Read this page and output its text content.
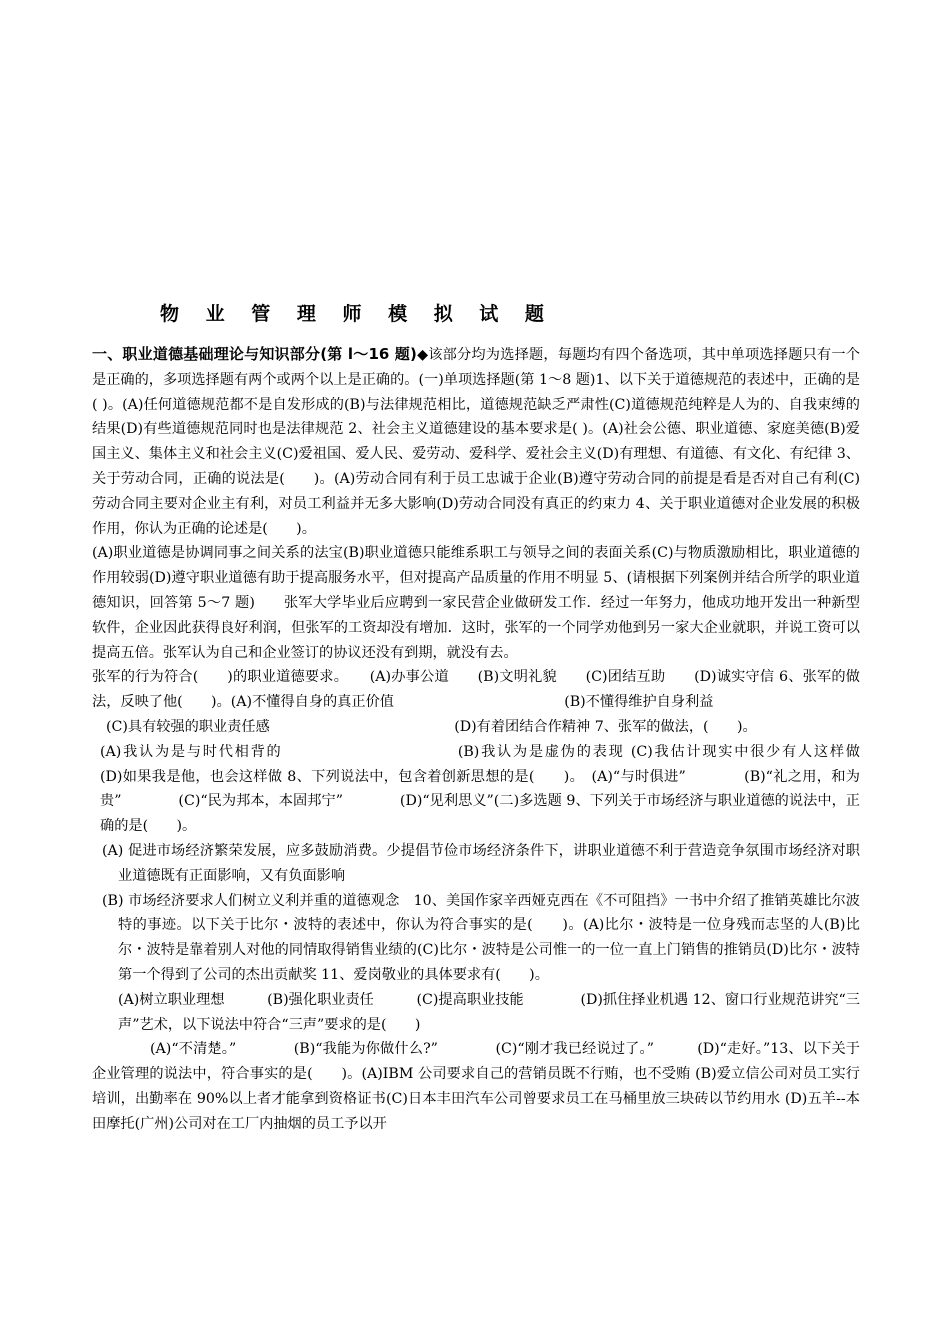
物 业 管 理 师 模 拟 试 题

一、职业道德基础理论与知识部分(第 l～16 题)◆该部分均为选择题，每题均有四个备选项，其中单项选择题只有一个是正确的，多项选择题有两个或两个以上是正确的。(一)单项选择题(第 1～8 题)1、以下关于道德规范的表述中，正确的是( )。(A)任何道德规范都不是自发形成的(B)与法律规范相比，道德规范缺乏严肃性(C)道德规范纯粹是人为的、自我束缚的结果(D)有些道德规范同时也是法律规范 2、社会主义道德建设的基本要求是( )。(A)社会公德、职业道德、家庭美德(B)爱国主义、集体主义和社会主义(C)爱祖国、爱人民、爱劳动、爱科学、爱社会主义(D)有理想、有道德、有文化、有纪律 3、关于劳动合同，正确的说法是(　　)。(A)劳动合同有利于员工忠诚于企业(B)遵守劳动合同的前提是看是否对自己有利(C)劳动合同主要对企业主有利，对员工利益并无多大影响(D)劳动合同没有真正的约束力 4、关于职业道德对企业发展的积极作用，你认为正确的论述是(　　)。

(A)职业道德是协调同事之间关系的法宝(B)职业道德只能维系职工与领导之间的表面关系(C)与物质激励相比，职业道德的作用较弱(D)遵守职业道德有助于提高服务水平，但对提高产品质量的作用不明显 5、(请根据下列案例并结合所学的职业道德知识，回答第 5～7 题)　　张军大学毕业后应聘到一家民营企业做研发工作．经过一年努力，他成功地开发出一种新型软件，企业因此获得良好利润，但张军的工资却没有增加．这时，张军的一个同学劝他到另一家大企业就职，并说工资可以提高五倍。张军认为自己和企业签订的协议还没有到期，就没有去。

张军的行为符合(　　)的职业道德要求。　　(A)办事公道　　(B)文明礼貌　　(C)团结互助　　(D)诚实守信 6、张军的做法，反映了他(　　)。(A)不懂得自身的真正价值　　　　　　　　　　　　(B)不懂得维护自身利益

(C)具有较强的职业责任感　　　　　　　　　　　　　(D)有着团结合作精神 7、张军的做法，(　　)。

(A)我认为是与时代相背的　　　　　　　　　　　(B)我认为是虚伪的表现 (C)我估计现实中很少有人这样做　　　　　(D)如果我是他，也会这样做 8、下列说法中，包含着创新思想的是(　　)。　(A)“与时俱进”　　　　(B)“礼之用，和为贵”　　　　(C)“民为邦本，本固邦宁”　　　　(D)“见利思义”(二)多选题 9、下列关于市场经济与职业道德的说法中，正确的是(　　)。

(A) 促进市场经济繁荣发展，应多鼓励消费。少提倡节俭市场经济条件下，讲职业道德不利于营造竞争氛围市场经济对职业道德既有正面影响，又有负面影响

(B) 市场经济要求人们树立义利并重的道德观念　10、美国作家辛西娅克西在《不可阻挡》一书中介绍了推销英雄比尔波特的事迹。以下关于比尔・波特的表述中，你认为符合事实的是(　　)。(A)比尔・波特是一位身残而志坚的人(B)比尔・波特是靠着别人对他的同情取得销售业绩的(C)比尔・波特是公司惟一的一位一直上门销售的推销员(D)比尔・波特第一个得到了公司的杰出贡献奖 11、爱岗敬业的具体要求有(　　)。

(A)树立职业理想　　　(B)强化职业责任　　　(C)提高职业技能　　　　(D)抓住择业机遇 12、窗口行业规范讲究“三声”艺术，以下说法中符合“三声”要求的是(　　)

(A)“不清楚。”　　　　(B)“我能为你做什么?”　　　　(C)“刚才我已经说过了。”　　　(D)“走好。”13、以下关于企业管理的说法中，符合事实的是(　　)。(A)IBM 公司要求自己的营销员既不行贿，也不受贿 (B)爱立信公司对员工实行培训，出勤率在 90%以上者才能拿到资格证书(C)日本丰田汽车公司曾要求员工在马桶里放三块砖以节约用水 (D)五羊--本田摩托(广州)公司对在工厂内抽烟的员工予以开
